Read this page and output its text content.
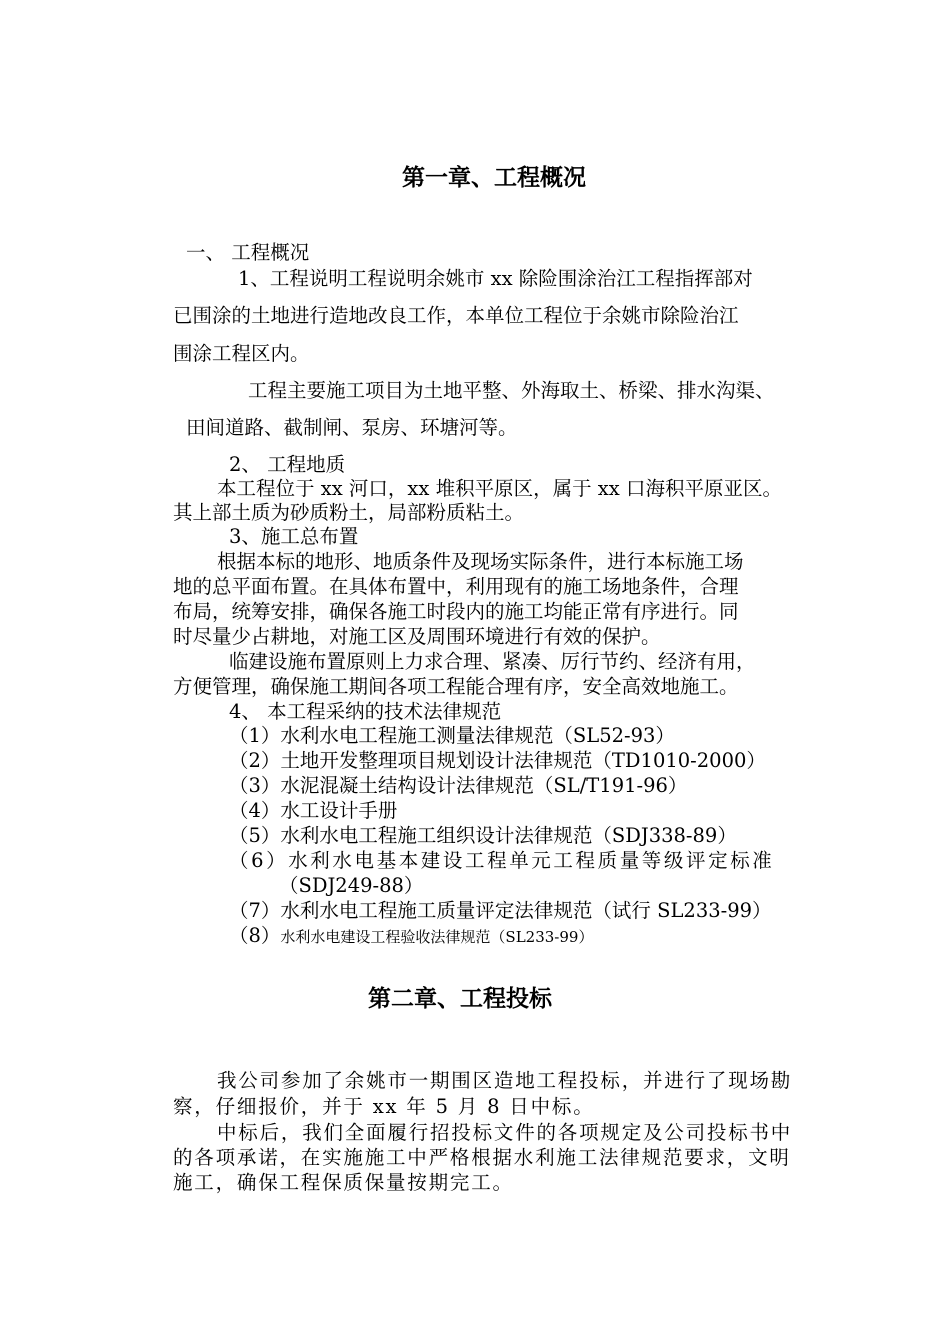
第一章、工程概况

一、 工程概况

1、工程说明工程说明余姚市 xx 除险围涂治江工程指挥部对

已围涂的土地进行造地改良工作，本单位工程位于余姚市除险治江

围涂工程区内。

工程主要施工项目为土地平整、外海取土、桥梁、排水沟渠、

田间道路、截制闸、泵房、环塘河等。

2、 工程地质

本工程位于 xx 河口，xx 堆积平原区，属于 xx 口海积平原亚区。

其上部土质为砂质粉土，局部粉质粘土。

3、施工总布置

根据本标的地形、地质条件及现场实际条件，进行本标施工场

地的总平面布置。在具体布置中，利用现有的施工场地条件，合理

布局，统筹安排，确保各施工时段内的施工均能正常有序进行。同

时尽量少占耕地，对施工区及周围环境进行有效的保护。

临建设施布置原则上力求合理、紧凑、厉行节约、经济有用，

方便管理，确保施工期间各项工程能合理有序，安全高效地施工。

4、 本工程采纳的技术法律规范

（1）水利水电工程施工测量法律规范（SL52-93）

（2）土地开发整理项目规划设计法律规范（TD1010-2000）

（3）水泥混凝土结构设计法律规范（SL/T191-96）

（4）水工设计手册

（5）水利水电工程施工组织设计法律规范（SDJ338-89）

（6）水利水电基本建设工程单元工程质量等级评定标准

（SDJ249-88）

（7）水利水电工程施工质量评定法律规范（试行 SL233-99）

（8）水利水电建设工程验收法律规范（SL233-99）
第二章、工程投标

我公司参加了余姚市一期围区造地工程投标，并进行了现场勘

察，仔细报价，并于 xx 年 5 月 8 日中标。

中标后，我们全面履行招投标文件的各项规定及公司投标书中

的各项承诺，在实施施工中严格根据水利施工法律规范要求，文明

施工，确保工程保质保量按期完工。
